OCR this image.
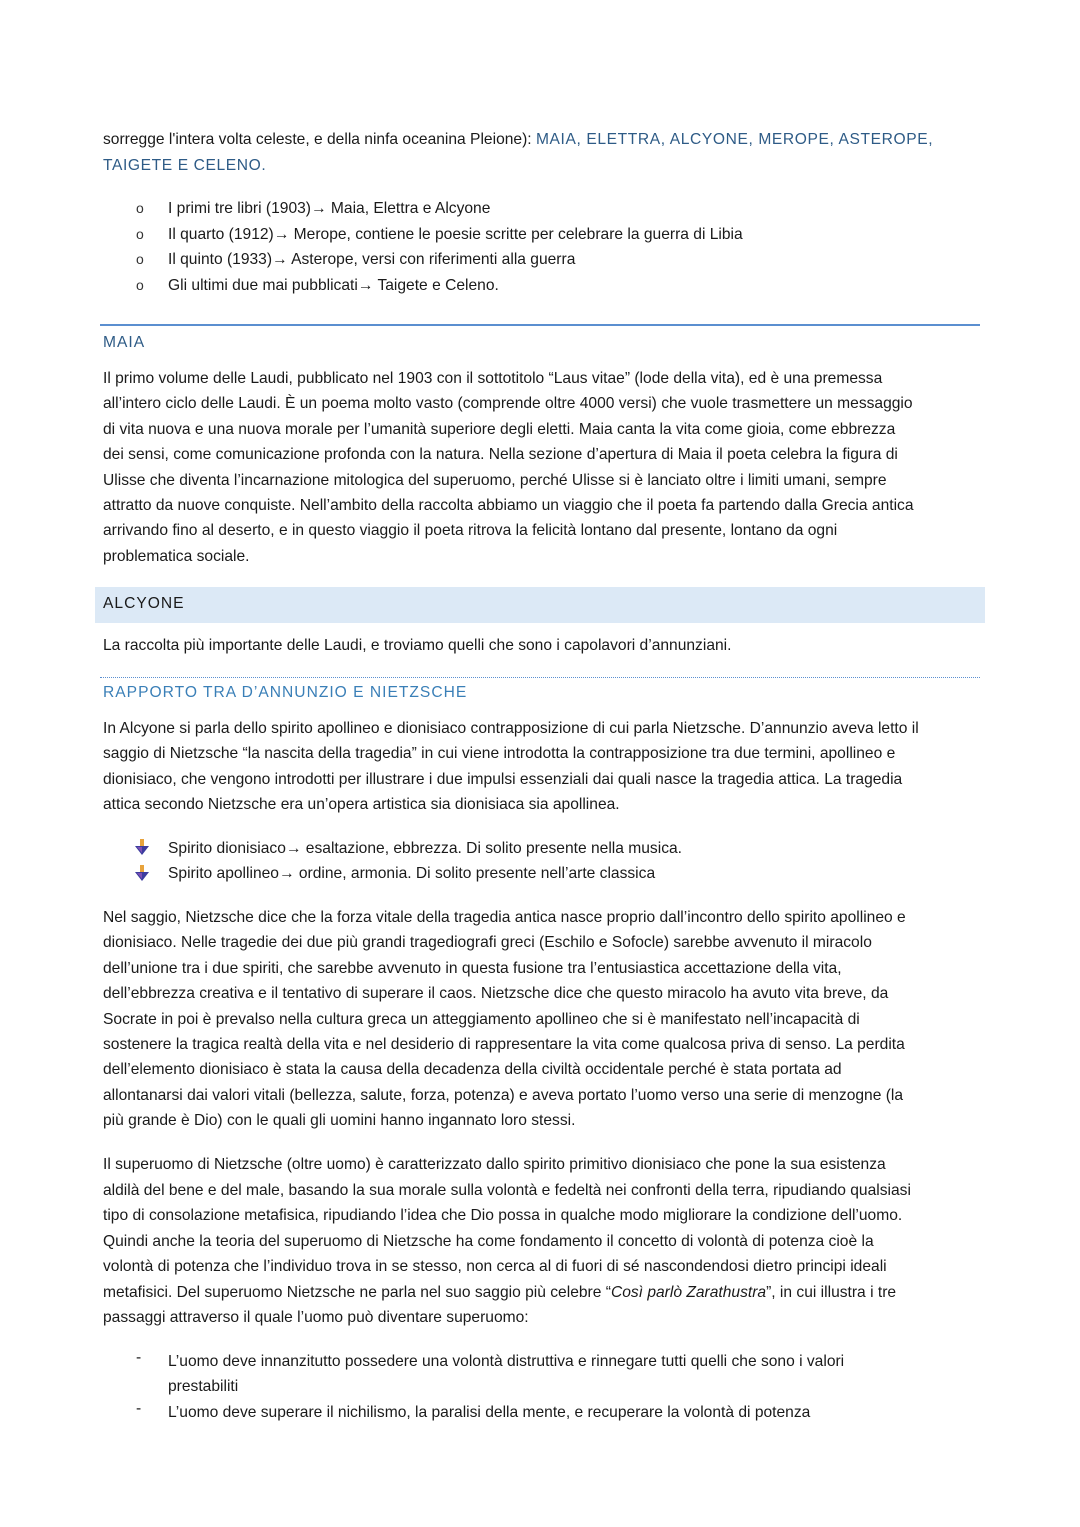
sorregge l'intera volta celeste, e della ninfa oceanina Pleione): MAIA, ELETTRA, ALCYONE, MEROPE, ASTEROPE,

TAIGETE E CELENO.

o I primi tre libri (1903)→ Maia, Elettra e Alcyone

o Il quarto (1912)→ Merope, contiene le poesie scritte per celebrare la guerra di Libia

o Il quinto (1933)→ Asterope, versi con riferimenti alla guerra

o Gli ultimi due mai pubblicati→ Taigete e Celeno.

MAIA

Il primo volume delle Laudi, pubblicato nel 1903 con il sottotitolo “Laus vitae” (lode della vita), ed è una premessa

all’intero ciclo delle Laudi. È un poema molto vasto (comprende oltre 4000 versi) che vuole trasmettere un messaggio

di vita nuova e una nuova morale per l’umanità superiore degli eletti. Maia canta la vita come gioia, come ebbrezza

dei sensi, come comunicazione profonda con la natura. Nella sezione d’apertura di Maia il poeta celebra la figura di

Ulisse che diventa l’incarnazione mitologica del superuomo, perché Ulisse si è lanciato oltre i limiti umani, sempre

attratto da nuove conquiste. Nell’ambito della raccolta abbiamo un viaggio che il poeta fa partendo dalla Grecia antica

arrivando fino al deserto, e in questo viaggio il poeta ritrova la felicità lontano dal presente, lontano da ogni

problematica sociale.

ALCYONE

La raccolta più importante delle Laudi, e troviamo quelli che sono i capolavori d’annunziani.

RAPPORTO TRA D’ANNUNZIO E NIETZSCHE

In Alcyone si parla dello spirito apollineo e dionisiaco contrapposizione di cui parla Nietzsche. D’annunzio aveva letto il

saggio di Nietzsche “la nascita della tragedia” in cui viene introdotta la contrapposizione tra due termini, apollineo e

dionisiaco, che vengono introdotti per illustrare i due impulsi essenziali dai quali nasce la tragedia attica. La tragedia

attica secondo Nietzsche era un’opera artistica sia dionisiaca sia apollinea.

Spirito dionisiaco→ esaltazione, ebbrezza. Di solito presente nella musica.

Spirito apollineo→ ordine, armonia. Di solito presente nell’arte classica

Nel saggio, Nietzsche dice che la forza vitale della tragedia antica nasce proprio dall’incontro dello spirito apollineo e

dionisiaco. Nelle tragedie dei due più grandi tragediografi greci (Eschilo e Sofocle) sarebbe avvenuto il miracolo

dell’unione tra i due spiriti, che sarebbe avvenuto in questa fusione tra l’entusiastica accettazione della vita,

dell’ebbrezza creativa e il tentativo di superare il caos. Nietzsche dice che questo miracolo ha avuto vita breve, da

Socrate in poi è prevalso nella cultura greca un atteggiamento apollineo che si è manifestato nell’incapacità di

sostenere la tragica realtà della vita e nel desiderio di rappresentare la vita come qualcosa priva di senso. La perdita

dell’elemento dionisiaco è stata la causa della decadenza della civiltà occidentale perché è stata portata ad

allontanarsi dai valori vitali (bellezza, salute, forza, potenza) e aveva portato l’uomo verso una serie di menzogne (la

più grande è Dio) con le quali gli uomini hanno ingannato loro stessi.

Il superuomo di Nietzsche (oltre uomo) è caratterizzato dallo spirito primitivo dionisiaco che pone la sua esistenza

aldilà del bene e del male, basando la sua morale sulla volontà e fedeltà nei confronti della terra, ripudiando qualsiasi

tipo di consolazione metafisica, ripudiando l’idea che Dio possa in qualche modo migliorare la condizione dell’uomo.

Quindi anche la teoria del superuomo di Nietzsche ha come fondamento il concetto di volontà di potenza cioè la

volontà di potenza che l’individuo trova in se stesso, non cerca al di fuori di sé nascondendosi dietro principi ideali

metafisici. Del superuomo Nietzsche ne parla nel suo saggio più celebre “Così parlò Zarathustra”, in cui illustra i tre

passaggi attraverso il quale l’uomo può diventare superuomo:

- L’uomo deve innanzitutto possedere una volontà distruttiva e rinnegare tutti quelli che sono i valori

prestabiliti

- L’uomo deve superare il nichilismo, la paralisi della mente, e recuperare la volontà di potenza
